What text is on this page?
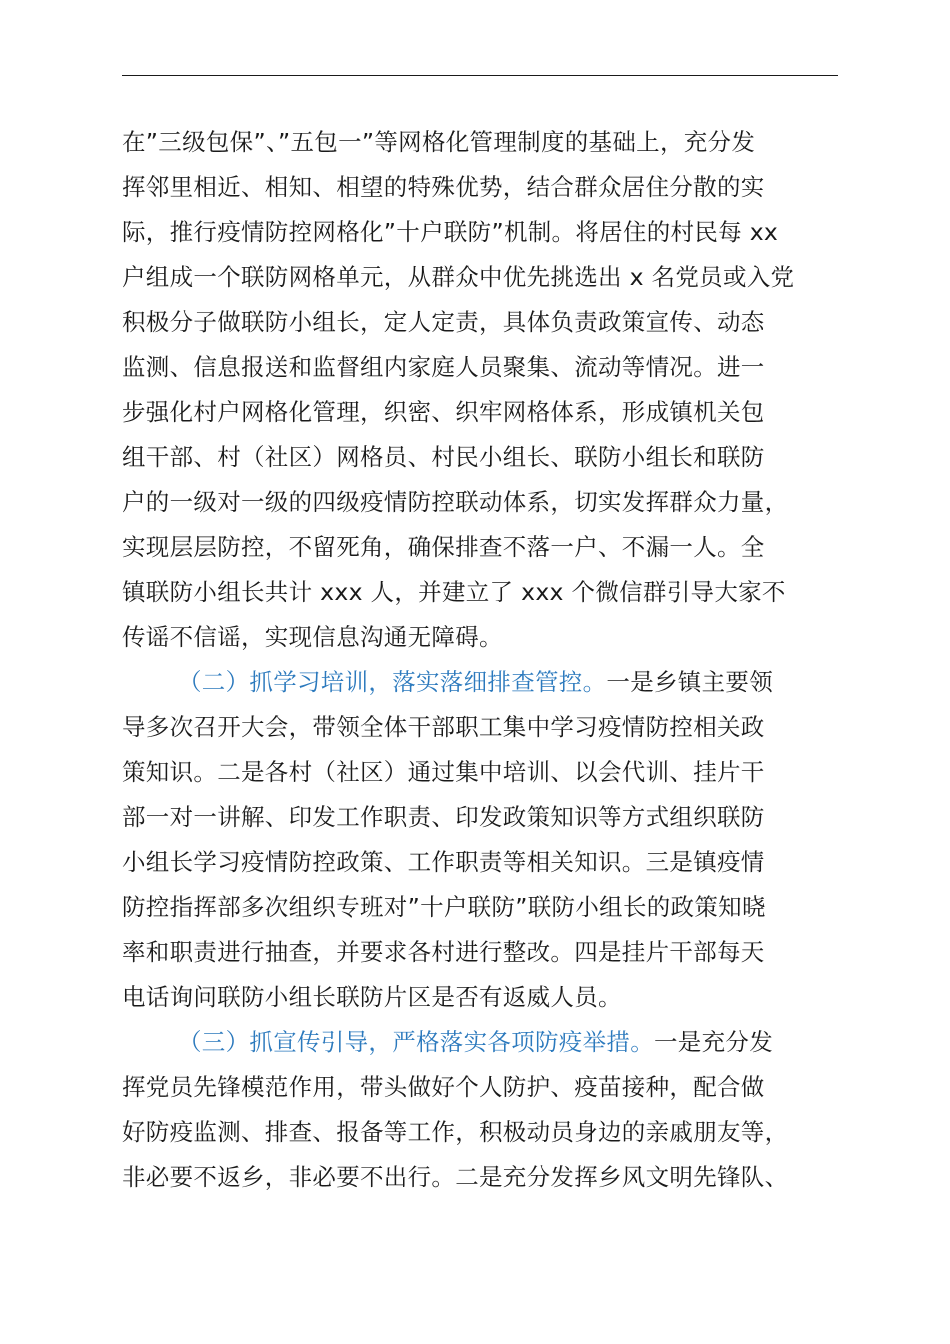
在”三级包保”、”五包一”等网格化管理制度的基础上，充分发
挥邻里相近、相知、相望的特殊优势，结合群众居住分散的实
际，推行疫情防控网格化”十户联防”机制。将居住的村民每 xx
户组成一个联防网格单元，从群众中优先挑选出 x 名党员或入党
积极分子做联防小组长，定人定责，具体负责政策宣传、动态
监测、信息报送和监督组内家庭人员聚集、流动等情况。进一
步强化村户网格化管理，织密、织牢网格体系，形成镇机关包
组干部、村（社区）网格员、村民小组长、联防小组长和联防
户的一级对一级的四级疫情防控联动体系，切实发挥群众力量，
实现层层防控，不留死角，确保排查不落一户、不漏一人。全
镇联防小组长共计 xxx 人，并建立了 xxx 个微信群引导大家不
传谣不信谣，实现信息沟通无障碍。
（二）抓学习培训，落实落细排查管控。一是乡镇主要领
导多次召开大会，带领全体干部职工集中学习疫情防控相关政
策知识。二是各村（社区）通过集中培训、以会代训、挂片干
部一对一讲解、印发工作职责、印发政策知识等方式组织联防
小组长学习疫情防控政策、工作职责等相关知识。三是镇疫情
防控指挥部多次组织专班对”十户联防”联防小组长的政策知晓
率和职责进行抽查，并要求各村进行整改。四是挂片干部每天
电话询问联防小组长联防片区是否有返威人员。
（三）抓宣传引导，严格落实各项防疫举措。一是充分发
挥党员先锋模范作用，带头做好个人防护、疫苗接种，配合做
好防疫监测、排查、报备等工作，积极动员身边的亲戚朋友等，
非必要不返乡，非必要不出行。二是充分发挥乡风文明先锋队、
